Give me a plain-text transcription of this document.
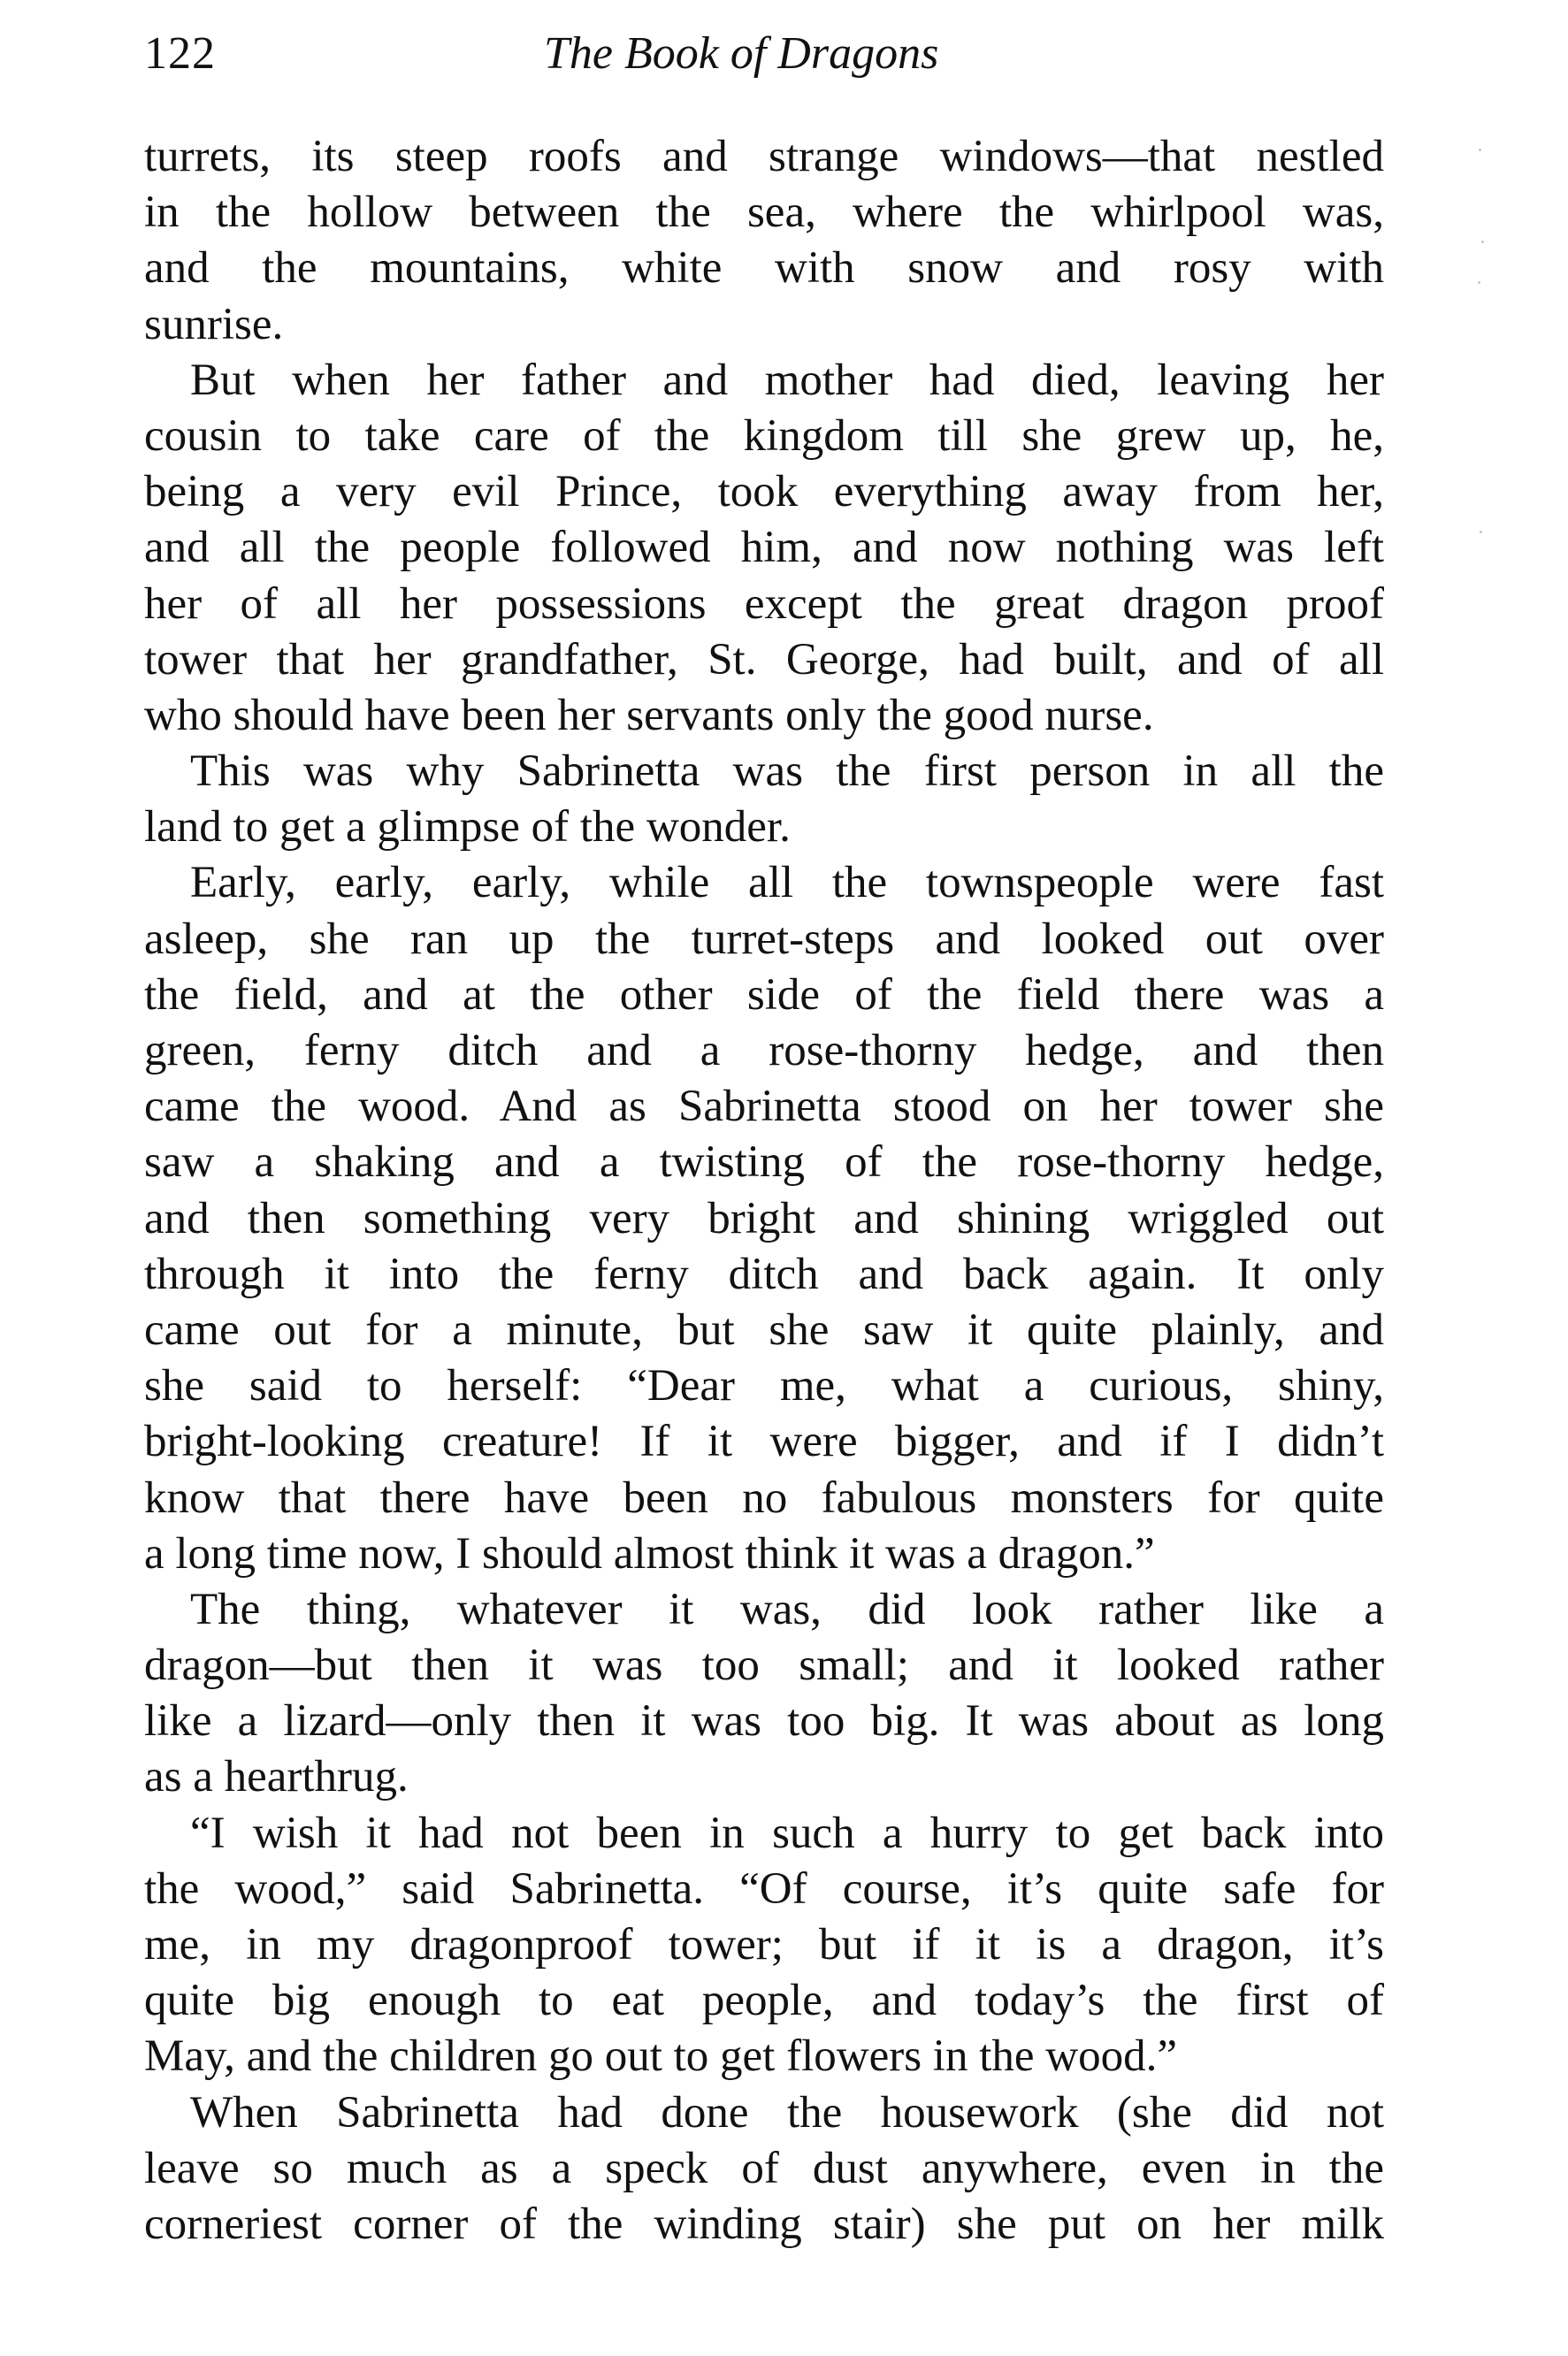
122	The Book of Dragons
turrets, its steep roofs and strange windows—that nestled
in the hollow between the sea, where the whirlpool was,
and the mountains, white with snow and rosy with
sunrise.
But when her father and mother had died, leaving her
cousin to take care of the kingdom till she grew up, he,
being a very evil Prince, took everything away from her,
and all the people followed him, and now nothing was left
her of all her possessions except the great dragon proof
tower that her grandfather, St. George, had built, and of all
who should have been her servants only the good nurse.
This was why Sabrinetta was the first person in all the
land to get a glimpse of the wonder.
Early, early, early, while all the townspeople were fast
asleep, she ran up the turret-steps and looked out over
the field, and at the other side of the field there was a
green, ferny ditch and a rose-thorny hedge, and then
came the wood. And as Sabrinetta stood on her tower she
saw a shaking and a twisting of the rose-thorny hedge,
and then something very bright and shining wriggled out
through it into the ferny ditch and back again. It only
came out for a minute, but she saw it quite plainly, and
she said to herself: “Dear me, what a curious, shiny,
bright-looking creature! If it were bigger, and if I didn’t
know that there have been no fabulous monsters for quite
a long time now, I should almost think it was a dragon.”
The thing, whatever it was, did look rather like a
dragon—but then it was too small; and it looked rather
like a lizard—only then it was too big. It was about as long
as a hearthrug.
“I wish it had not been in such a hurry to get back into
the wood,” said Sabrinetta. “Of course, it’s quite safe for
me, in my dragonproof tower; but if it is a dragon, it’s
quite big enough to eat people, and today’s the first of
May, and the children go out to get flowers in the wood.”
When Sabrinetta had done the housework (she did not
leave so much as a speck of dust anywhere, even in the
corneriest corner of the winding stair) she put on her milk
